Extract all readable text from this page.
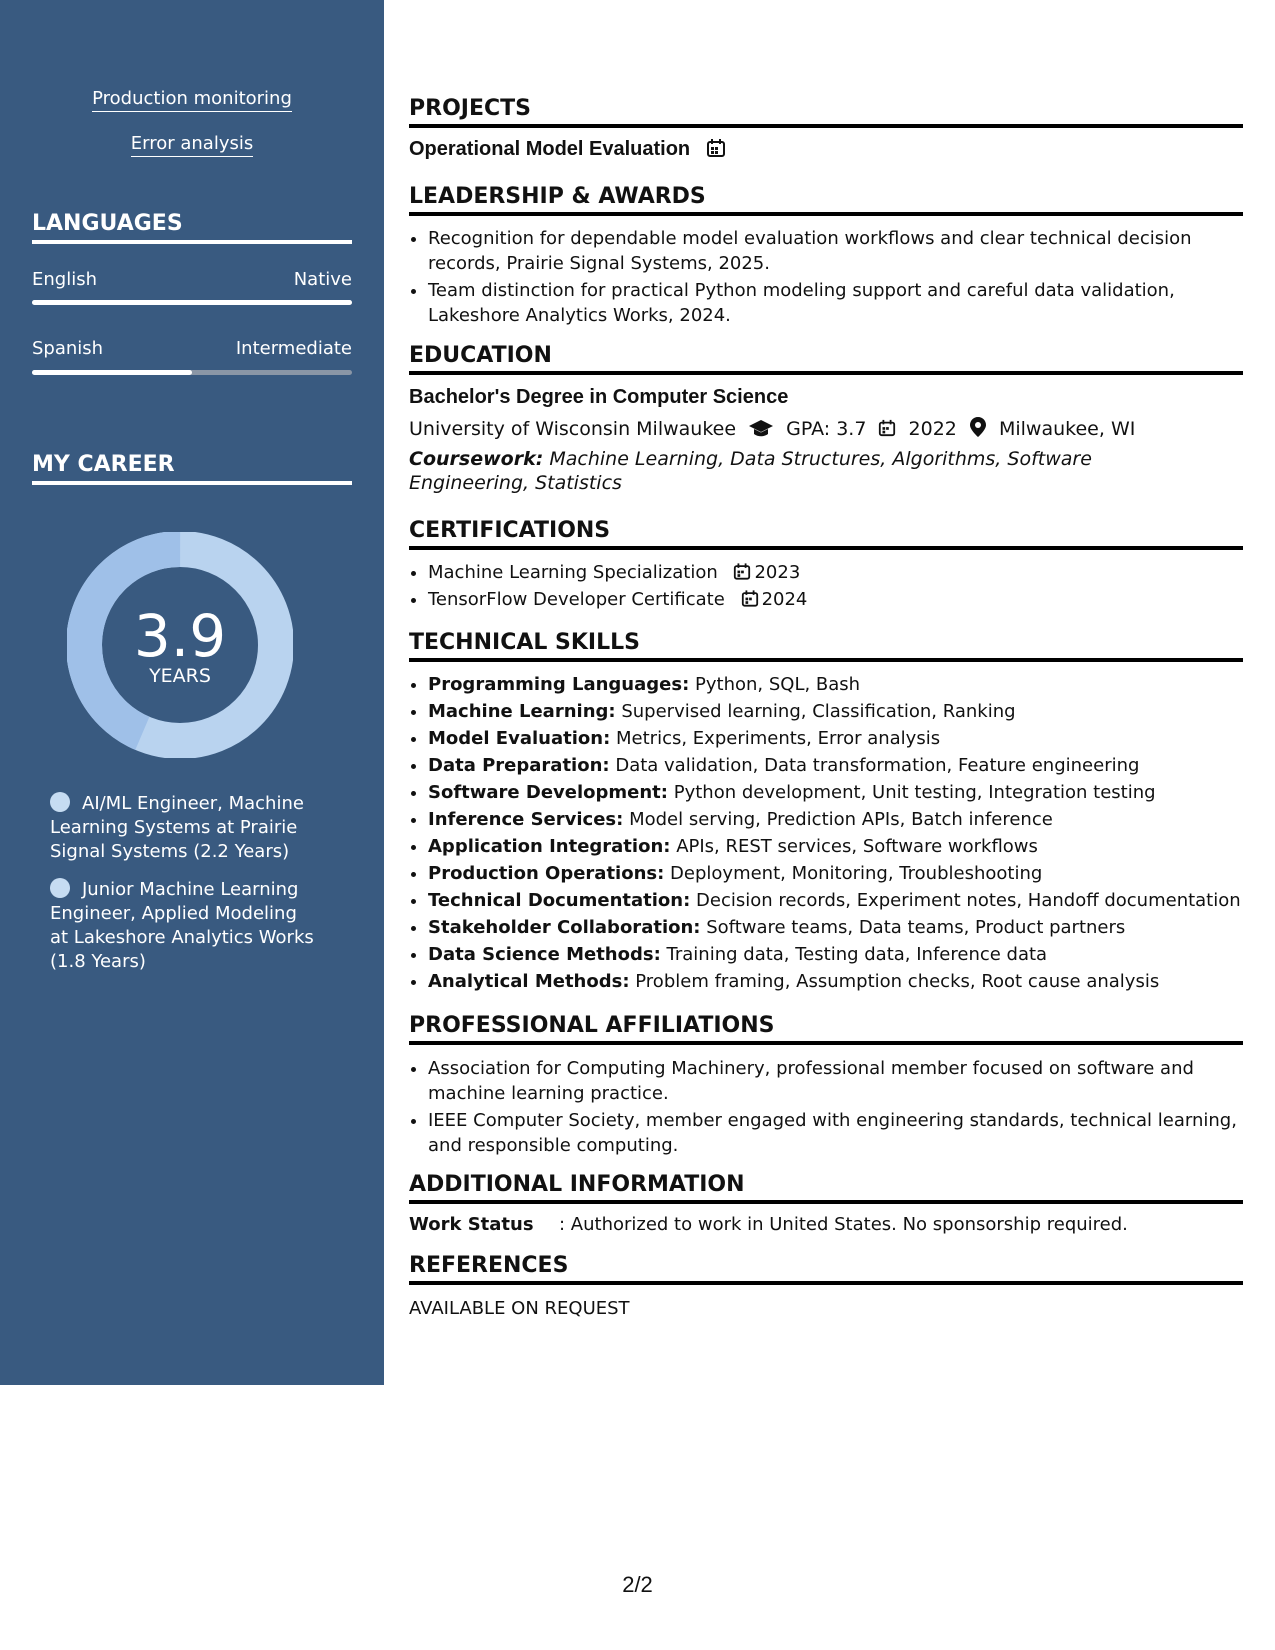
Production monitoring
Error analysis
LANGUAGES
English	Native
Spanish	Intermediate
MY CAREER
3.9
YEARS
AI/ML Engineer, Machine Learning Systems at Prairie Signal Systems (2.2 Years)
Junior Machine Learning Engineer, Applied Modeling at Lakeshore Analytics Works (1.8 Years)
PROJECTS
Operational Model Evaluation
LEADERSHIP & AWARDS
• Recognition for dependable model evaluation workflows and clear technical decision records, Prairie Signal Systems, 2025.
• Team distinction for practical Python modeling support and careful data validation, Lakeshore Analytics Works, 2024.
EDUCATION
Bachelor's Degree in Computer Science
University of Wisconsin Milwaukee	GPA: 3.7 2022 Milwaukee, WI
Coursework: Machine Learning, Data Structures, Algorithms, Software Engineering, Statistics
CERTIFICATIONS
• Machine Learning Specialization 2023
• TensorFlow Developer Certificate 2024
TECHNICAL SKILLS
• Programming Languages: Python, SQL, Bash
• Machine Learning: Supervised learning, Classification, Ranking
• Model Evaluation: Metrics, Experiments, Error analysis
• Data Preparation: Data validation, Data transformation, Feature engineering
• Software Development: Python development, Unit testing, Integration testing
• Inference Services: Model serving, Prediction APIs, Batch inference
• Application Integration: APIs, REST services, Software workflows
• Production Operations: Deployment, Monitoring, Troubleshooting
• Technical Documentation: Decision records, Experiment notes, Handoff documentation
• Stakeholder Collaboration: Software teams, Data teams, Product partners
• Data Science Methods: Training data, Testing data, Inference data
• Analytical Methods: Problem framing, Assumption checks, Root cause analysis
PROFESSIONAL AFFILIATIONS
• Association for Computing Machinery, professional member focused on software and machine learning practice.
• IEEE Computer Society, member engaged with engineering standards, technical learning, and responsible computing.
ADDITIONAL INFORMATION
Work Status : Authorized to work in United States. No sponsorship required.
REFERENCES
AVAILABLE ON REQUEST
2/2
